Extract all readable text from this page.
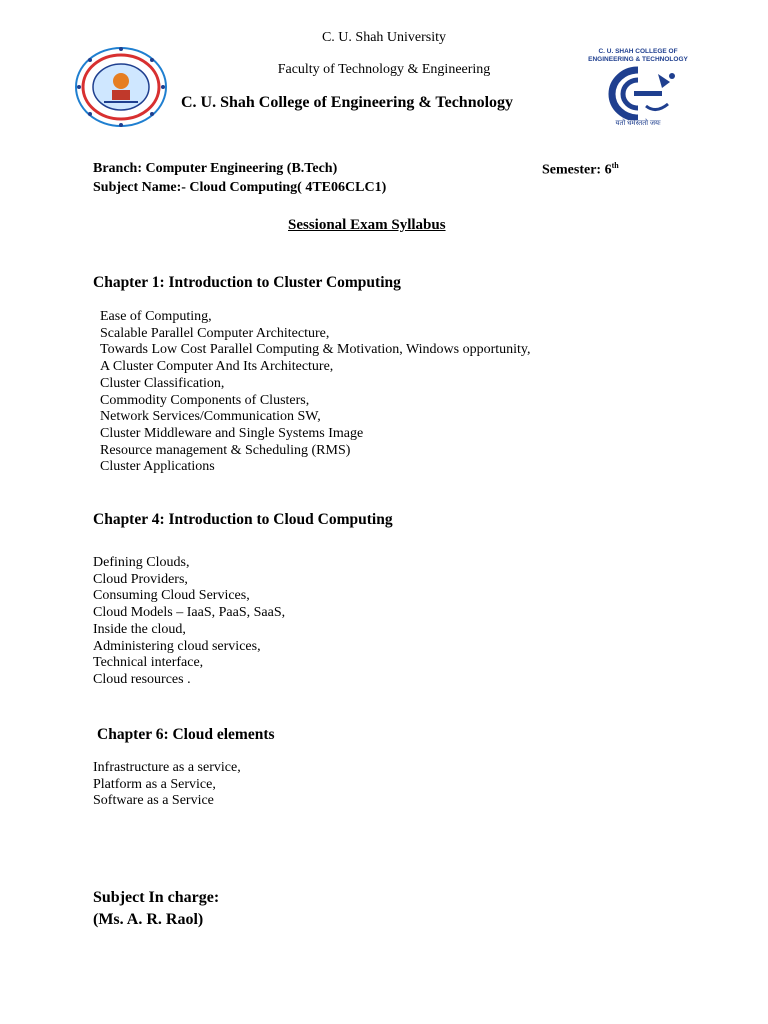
C. U. Shah University
Faculty of Technology & Engineering
C. U. Shah College of Engineering & Technology
C. U. SHAH COLLEGE OF
ENGINEERING & TECHNOLOGY
यतो धर्मस्ततो जयः
Branch: Computer Engineering (B.Tech)	Semester: 6th
Subject Name:- Cloud Computing( 4TE06CLC1)
Sessional Exam Syllabus
Chapter 1: Introduction to Cluster Computing
Ease of Computing,
Scalable Parallel Computer Architecture,
Towards Low Cost Parallel Computing & Motivation, Windows opportunity,
A Cluster Computer And Its Architecture,
Cluster Classification,
Commodity Components of Clusters,
Network Services/Communication SW,
Cluster Middleware and Single Systems Image
Resource management & Scheduling (RMS)
Cluster Applications
Chapter 4: Introduction to Cloud Computing
Defining Clouds,
Cloud Providers,
Consuming Cloud Services,
Cloud Models – IaaS, PaaS, SaaS,
Inside the cloud,
Administering cloud services,
Technical interface,
Cloud resources .
Chapter 6: Cloud elements
Infrastructure as a service,
Platform as a Service,
Software as a Service
Subject In charge:
(Ms. A. R. Raol)
